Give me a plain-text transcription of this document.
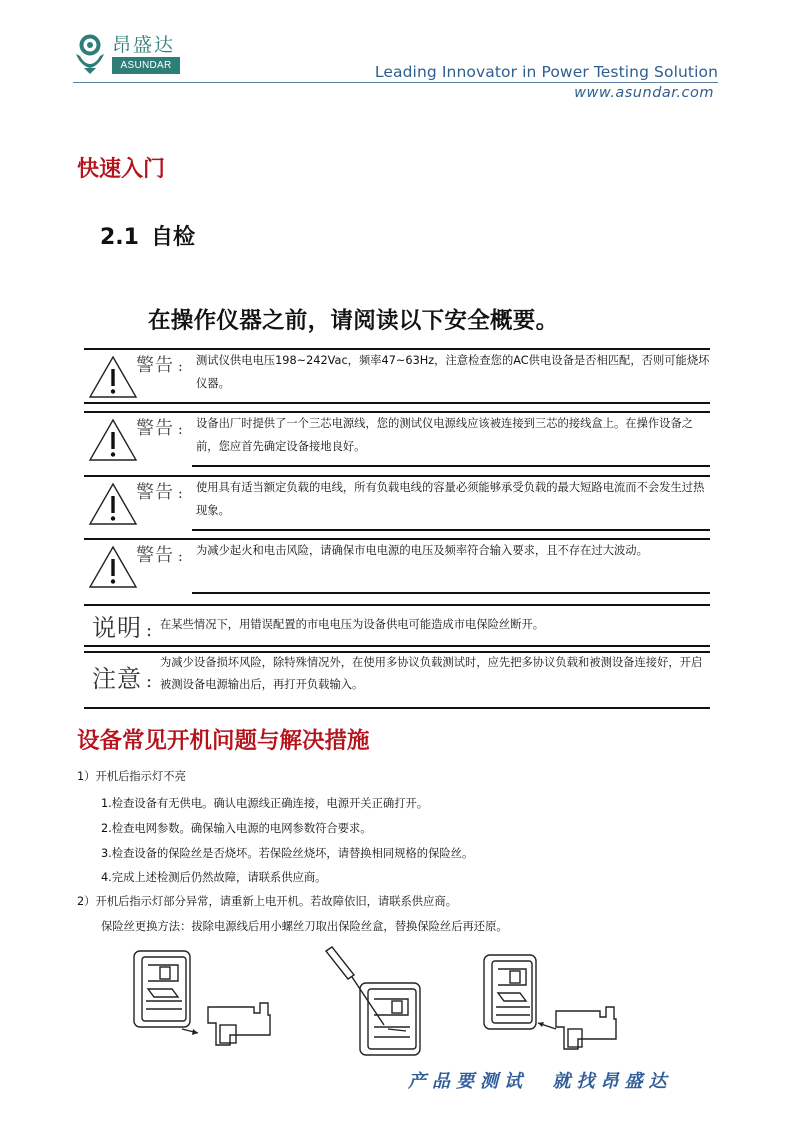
昂盛达
ASUNDAR	Leading Innovator in Power Testing Solution
www.asundar.com
快速入门
2.1 自检
在操作仪器之前，请阅读以下安全概要。
警告 : 测试仪供电电压198~242Vac，频率47~63Hz，注意检查您的AC供电设备是否相匹配，否则可能烧坏仪器。
警告 : 设备出厂时提供了一个三芯电源线，您的测试仪电源线应该被连接到三芯的接线盒上。在操作设备之前，您应首先确定设备接地良好。
警告 : 使用具有适当额定负载的电线，所有负载电线的容量必须能够承受负载的最大短路电流而不会发生过热现象。
警告 : 为减少起火和电击风险，请确保市电电源的电压及频率符合输入要求，且不存在过大波动。
说明 : 在某些情况下，用错误配置的市电电压为设备供电可能造成市电保险丝断开。
注意 :
为减少设备损坏风险，除特殊情况外，在使用多协议负载测试时，应先把多协议负载和被测设备连接好，开启被测设备电源输出后，再打开负载输入。
设备常见开机问题与解决措施
1）开机后指示灯不亮
1.检查设备有无供电。确认电源线正确连接，电源开关正确打开。
2.检查电网参数。确保输入电源的电网参数符合要求。
3.检查设备的保险丝是否烧坏。若保险丝烧坏，请替换相同规格的保险丝。
4.完成上述检测后仍然故障，请联系供应商。
2）开机后指示灯部分异常，请重新上电开机。若故障依旧，请联系供应商。
保险丝更换方法：拔除电源线后用小螺丝刀取出保险丝盒，替换保险丝后再还原。
产品要测试  就找昂盛达
